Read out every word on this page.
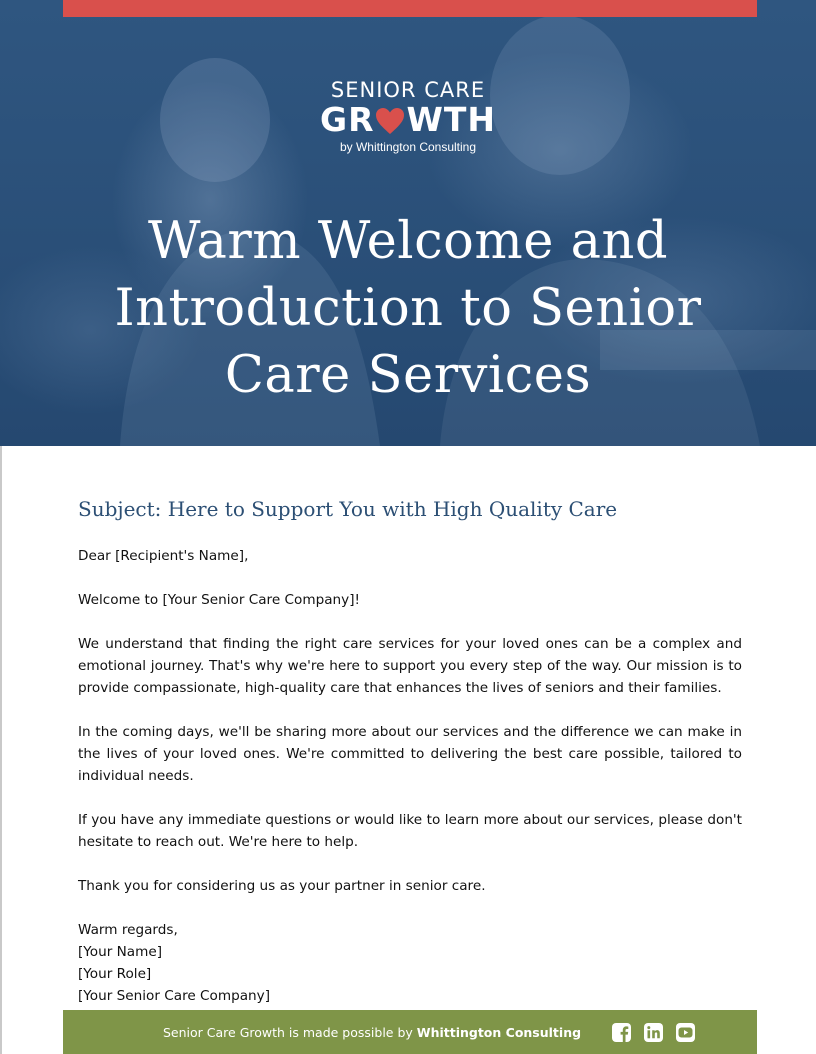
SENIOR CARE
GR WTH
by Whittington Consulting
Warm Welcome and Introduction to Senior Care Services
Subject: Here to Support You with High Quality Care

Dear [Recipient's Name],

Welcome to [Your Senior Care Company]!

We understand that finding the right care services for your loved ones can be a complex and emotional journey. That's why we're here to support you every step of the way. Our mission is to provide compassionate, high-quality care that enhances the lives of seniors and their families.

In the coming days, we'll be sharing more about our services and the difference we can make in the lives of your loved ones. We're committed to delivering the best care possible, tailored to individual needs.

If you have any immediate questions or would like to learn more about our services, please don't hesitate to reach out. We're here to help.

Thank you for considering us as your partner in senior care.

Warm regards,

[Your Name]

[Your Role]

[Your Senior Care Company]

Senior Care Growth is made possible by Whittington Consulting
